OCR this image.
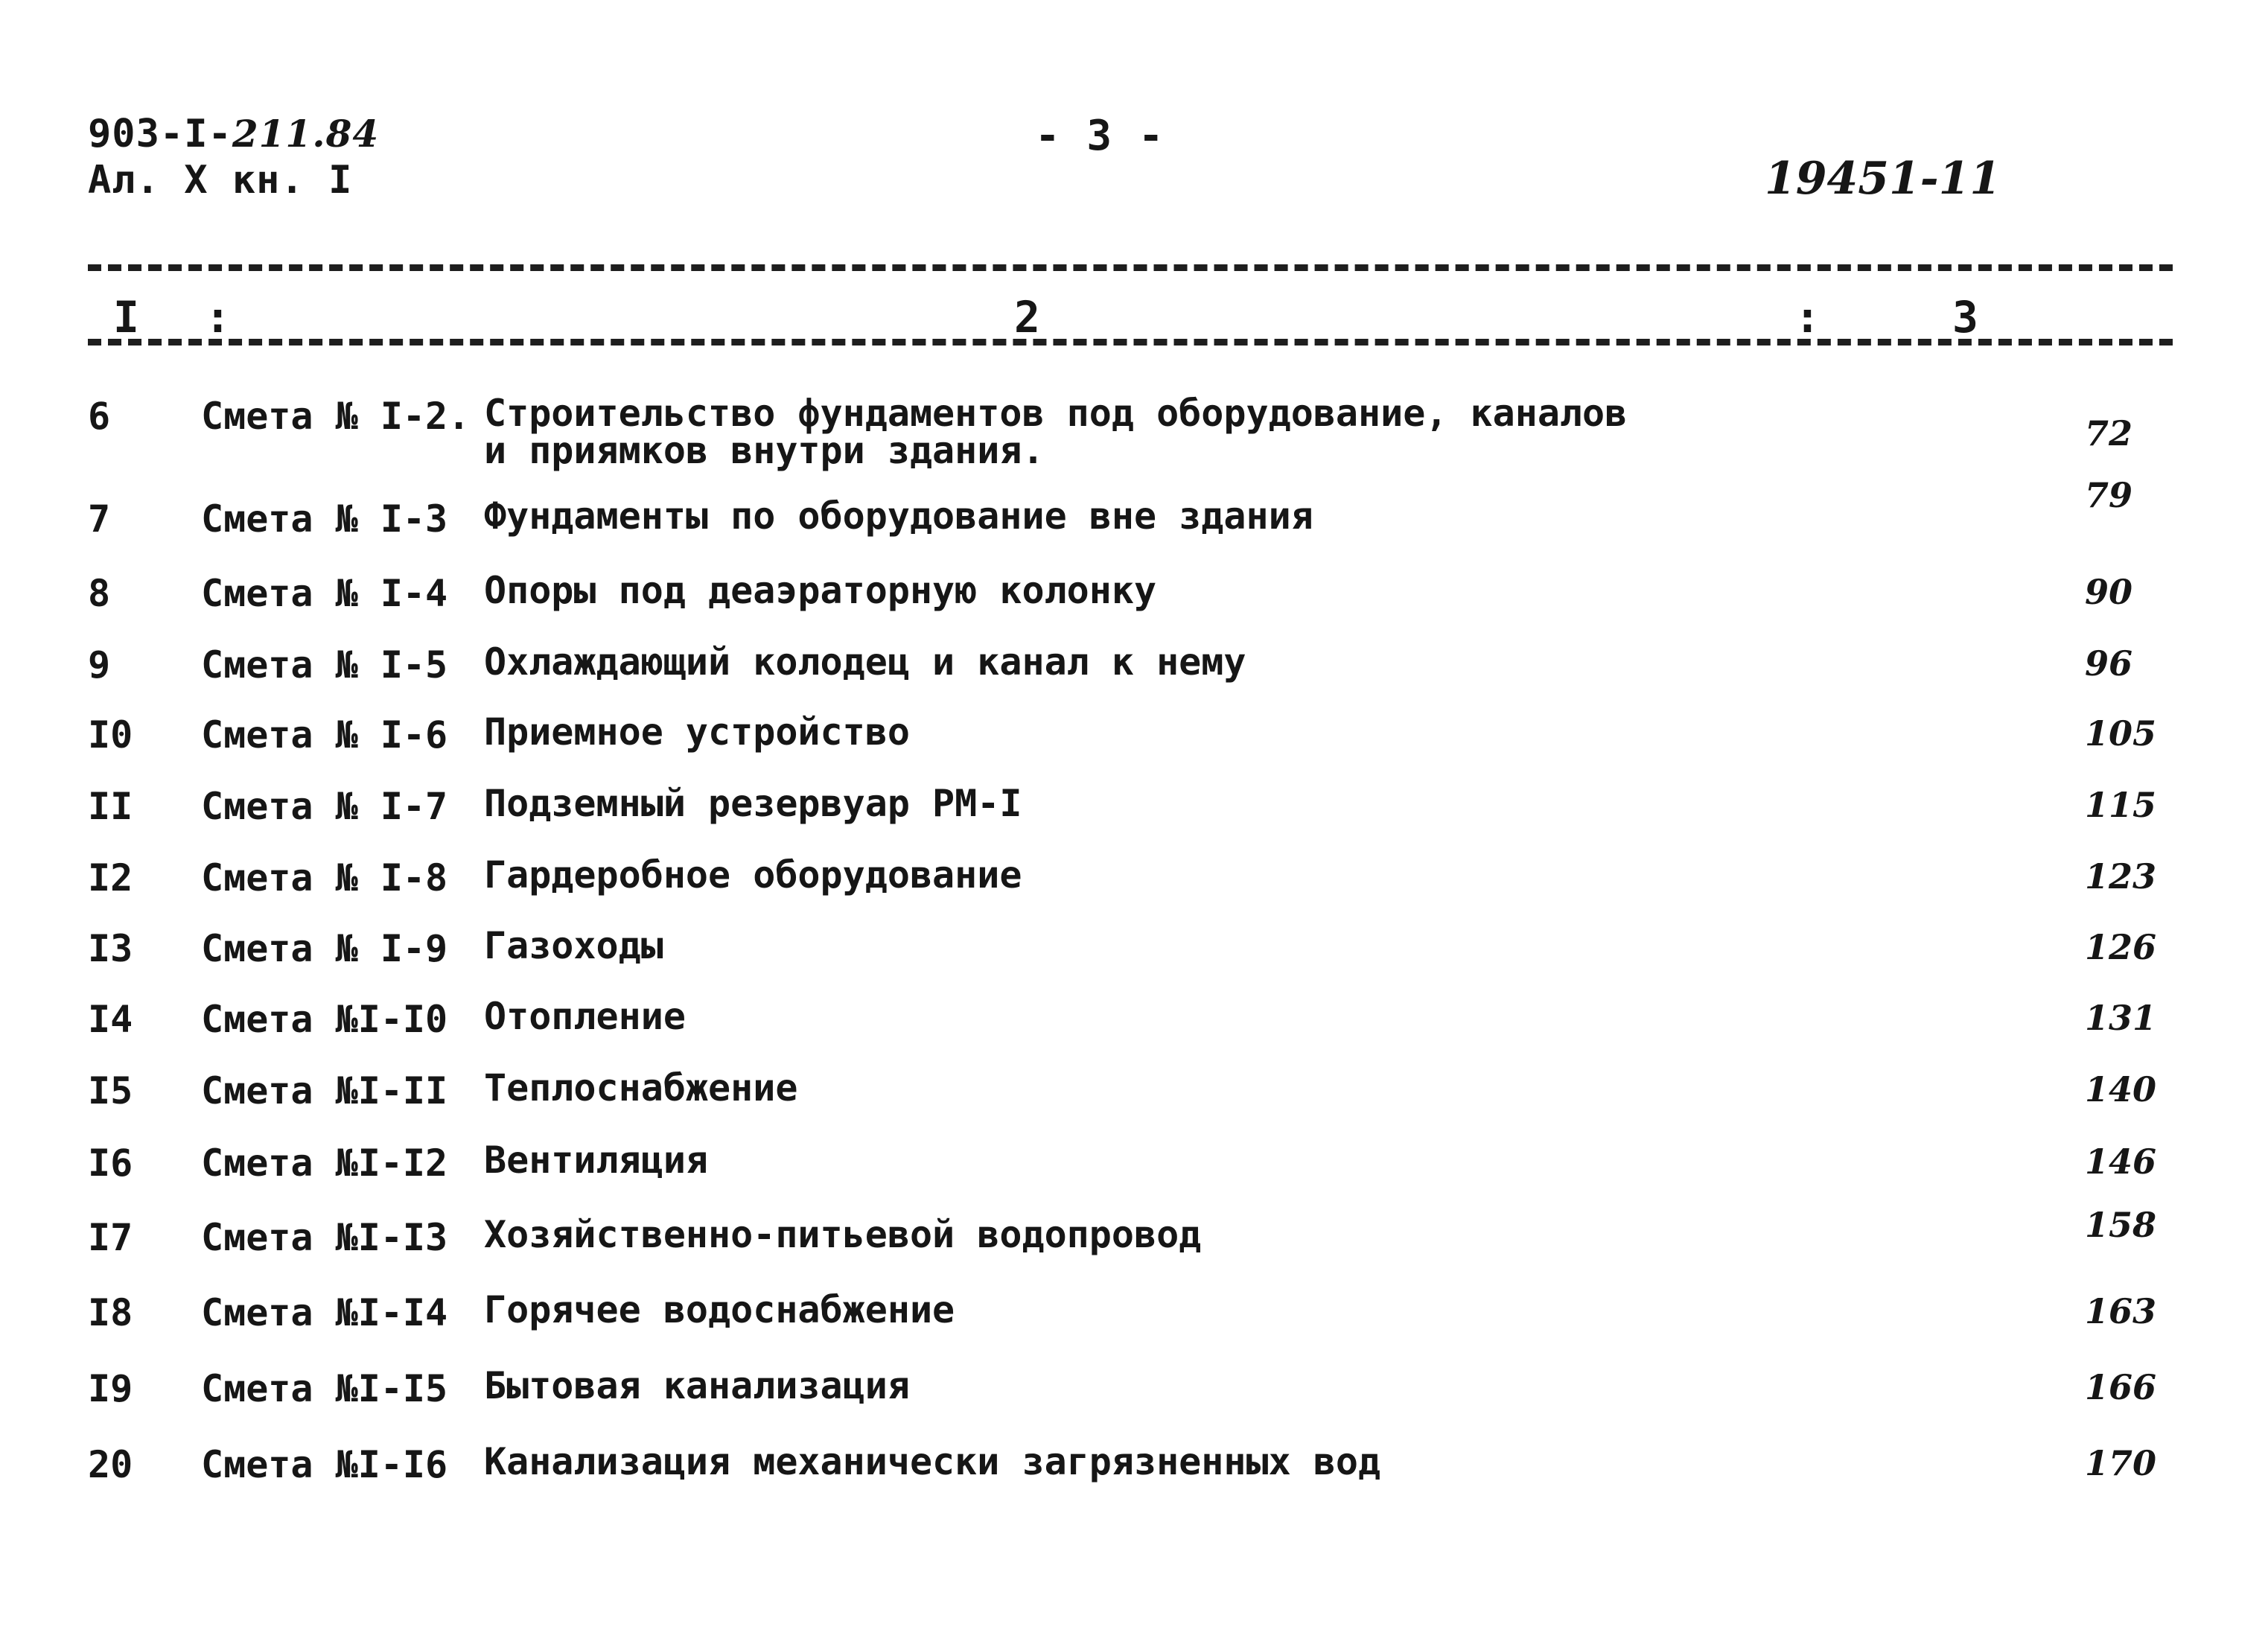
903-I-211.84
Ал. X кн. I
- 3 -
19451-11
I :	2	:	3
6 Смета № I-2. Строительство фундаментов под оборудование, каналов
и приямков внутри здания.	72
7 Смета № I-3 Фундаменты по оборудование вне здания	79
8 Смета № I-4 Опоры под деаэраторную колонку	90
9 Смета № I-5 Охлаждающий колодец и канал к нему	96
I0 Смета № I-6 Приемное устройство	105
II Смета № I-7 Подземный резервуар РМ-I	115
I2 Смета № I-8 Гардеробное оборудование	123
I3 Смета № I-9 Газоходы	126
I4 Смета №I-I0 Отопление	131
I5 Смета №I-II Теплоснабжение	140
I6 Смета №I-I2 Вентиляция	146
I7 Смета №I-I3 Хозяйственно-питьевой водопровод	158
I8 Смета №I-I4 Горячее водоснабжение	163
I9 Смета №I-I5 Бытовая канализация	166
20 Смета №I-I6 Канализация механически загрязненных вод	170
